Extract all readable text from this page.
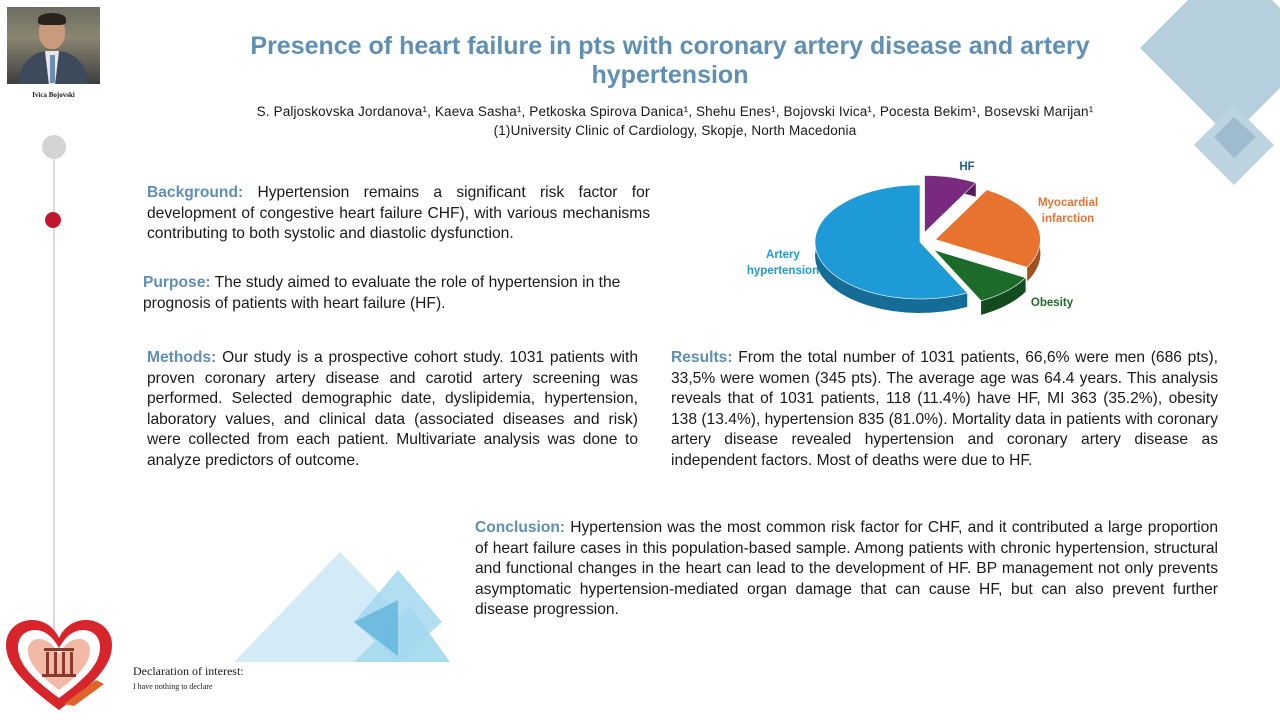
Ivica Bojovski
Presence of heart failure in pts with coronary artery disease and artery hypertension
S. Paljoskovska Jordanova¹, Kaeva Sasha¹, Petkoska Spirova Danica¹, Shehu Enes¹, Bojovski Ivica¹, Pocesta Bekim¹, Bosevski Marijan¹
(1)University Clinic of Cardiology, Skopje, North Macedonia
Background: Hypertension remains a significant risk factor for development of congestive heart failure CHF), with various mechanisms contributing to both systolic and diastolic dysfunction.
Purpose: The study aimed to evaluate the role of hypertension in the prognosis of patients with heart failure (HF).
Methods: Our study is a prospective cohort study. 1031 patients with proven coronary artery disease and carotid artery screening was performed. Selected demographic date, dyslipidemia, hypertension, laboratory values, and clinical data (associated diseases and risk) were collected from each patient. Multivariate analysis was done to analyze predictors of outcome.
Results: From the total number of 1031 patients, 66,6% were men (686 pts), 33,5% were women (345 pts). The average age was 64.4 years. This analysis reveals that of 1031 patients, 118 (11.4%) have HF, MI 363 (35.2%), obesity 138 (13.4%), hypertension 835 (81.0%). Mortality data in patients with coronary artery disease revealed hypertension and coronary artery disease as independent factors. Most of deaths were due to HF.
Conclusion: Hypertension was the most common risk factor for CHF, and it contributed a large proportion of heart failure cases in this population-based sample. Among patients with chronic hypertension, structural and functional changes in the heart can lead to the development of HF. BP management not only prevents asymptomatic hypertension-mediated organ damage that can cause HF, but can also prevent further disease progression.
HF
Myocardial infarction
Obesity
Artery hypertension
Declaration of interest:
I have nothing to declare
